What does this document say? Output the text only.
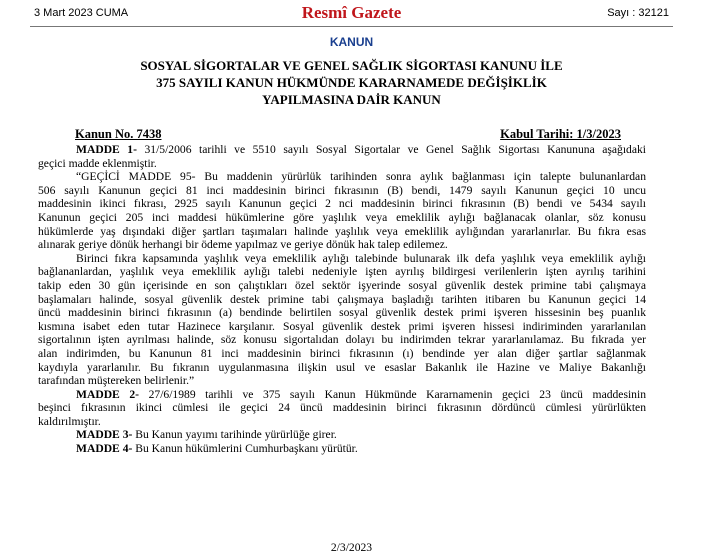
3 Mart 2023 CUMA	Resmî Gazete	Sayı : 32121
KANUN
SOSYAL SİGORTALAR VE GENEL SAĞLIK SİGORTASI KANUNU İLE
375 SAYILI KANUN HÜKMÜNDE KARARNAMEDE DEĞİŞİKLİK
YAPILMASINA DAİR KANUN
Kanun No. 7438	Kabul Tarihi: 1/3/2023
MADDE 1- 31/5/2006 tarihli ve 5510 sayılı Sosyal Sigortalar ve Genel Sağlık Sigortası Kanununa aşağıdaki
geçici madde eklenmiştir.
“GEÇİCİ MADDE 95- Bu maddenin yürürlük tarihinden sonra aylık bağlanması için talepte bulunanlardan
506 sayılı Kanunun geçici 81 inci maddesinin birinci fıkrasının (B) bendi, 1479 sayılı Kanunun geçici 10 uncu
maddesinin ikinci fıkrası, 2925 sayılı Kanunun geçici 2 nci maddesinin birinci fıkrasının (B) bendi ve 5434 sayılı
Kanunun geçici 205 inci maddesi hükümlerine göre yaşlılık veya emeklilik aylığı bağlanacak olanlar, söz konusu
hükümlerde yaş dışındaki diğer şartları taşımaları halinde yaşlılık veya emeklilik aylığından yararlanırlar. Bu fıkra esas
alınarak geriye dönük herhangi bir ödeme yapılmaz ve geriye dönük hak talep edilemez.
Birinci fıkra kapsamında yaşlılık veya emeklilik aylığı talebinde bulunarak ilk defa yaşlılık veya emeklilik aylığı
bağlananlardan, yaşlılık veya emeklilik aylığı talebi nedeniyle işten ayrılış bildirgesi verilenlerin işten ayrılış tarihini
takip eden 30 gün içerisinde en son çalıştıkları özel sektör işyerinde sosyal güvenlik destek primine tabi çalışmaya
başlamaları halinde, sosyal güvenlik destek primine tabi çalışmaya başladığı tarihten itibaren bu Kanunun geçici 14
üncü maddesinin birinci fıkrasının (a) bendinde belirtilen sosyal güvenlik destek primi işveren hissesinin beş puanlık
kısmına isabet eden tutar Hazinece karşılanır. Sosyal güvenlik destek primi işveren hissesi indiriminden yararlanılan
sigortalının işten ayrılması halinde, söz konusu sigortalıdan dolayı bu indirimden tekrar yararlanılamaz. Bu fıkrada yer
alan indirimden, bu Kanunun 81 inci maddesinin birinci fıkrasının (ı) bendinde yer alan diğer şartlar sağlanmak
kaydıyla yararlanılır. Bu fıkranın uygulanmasına ilişkin usul ve esaslar Bakanlık ile Hazine ve Maliye Bakanlığı
tarafından müştereken belirlenir.”
MADDE 2- 27/6/1989 tarihli ve 375 sayılı Kanun Hükmünde Kararnamenin geçici 23 üncü maddesinin
beşinci fıkrasının ikinci cümlesi ile geçici 24 üncü maddesinin birinci fıkrasının dördüncü cümlesi yürürlükten
kaldırılmıştır.
MADDE 3- Bu Kanun yayımı tarihinde yürürlüğe girer.
MADDE 4- Bu Kanun hükümlerini Cumhurbaşkanı yürütür.
2/3/2023
